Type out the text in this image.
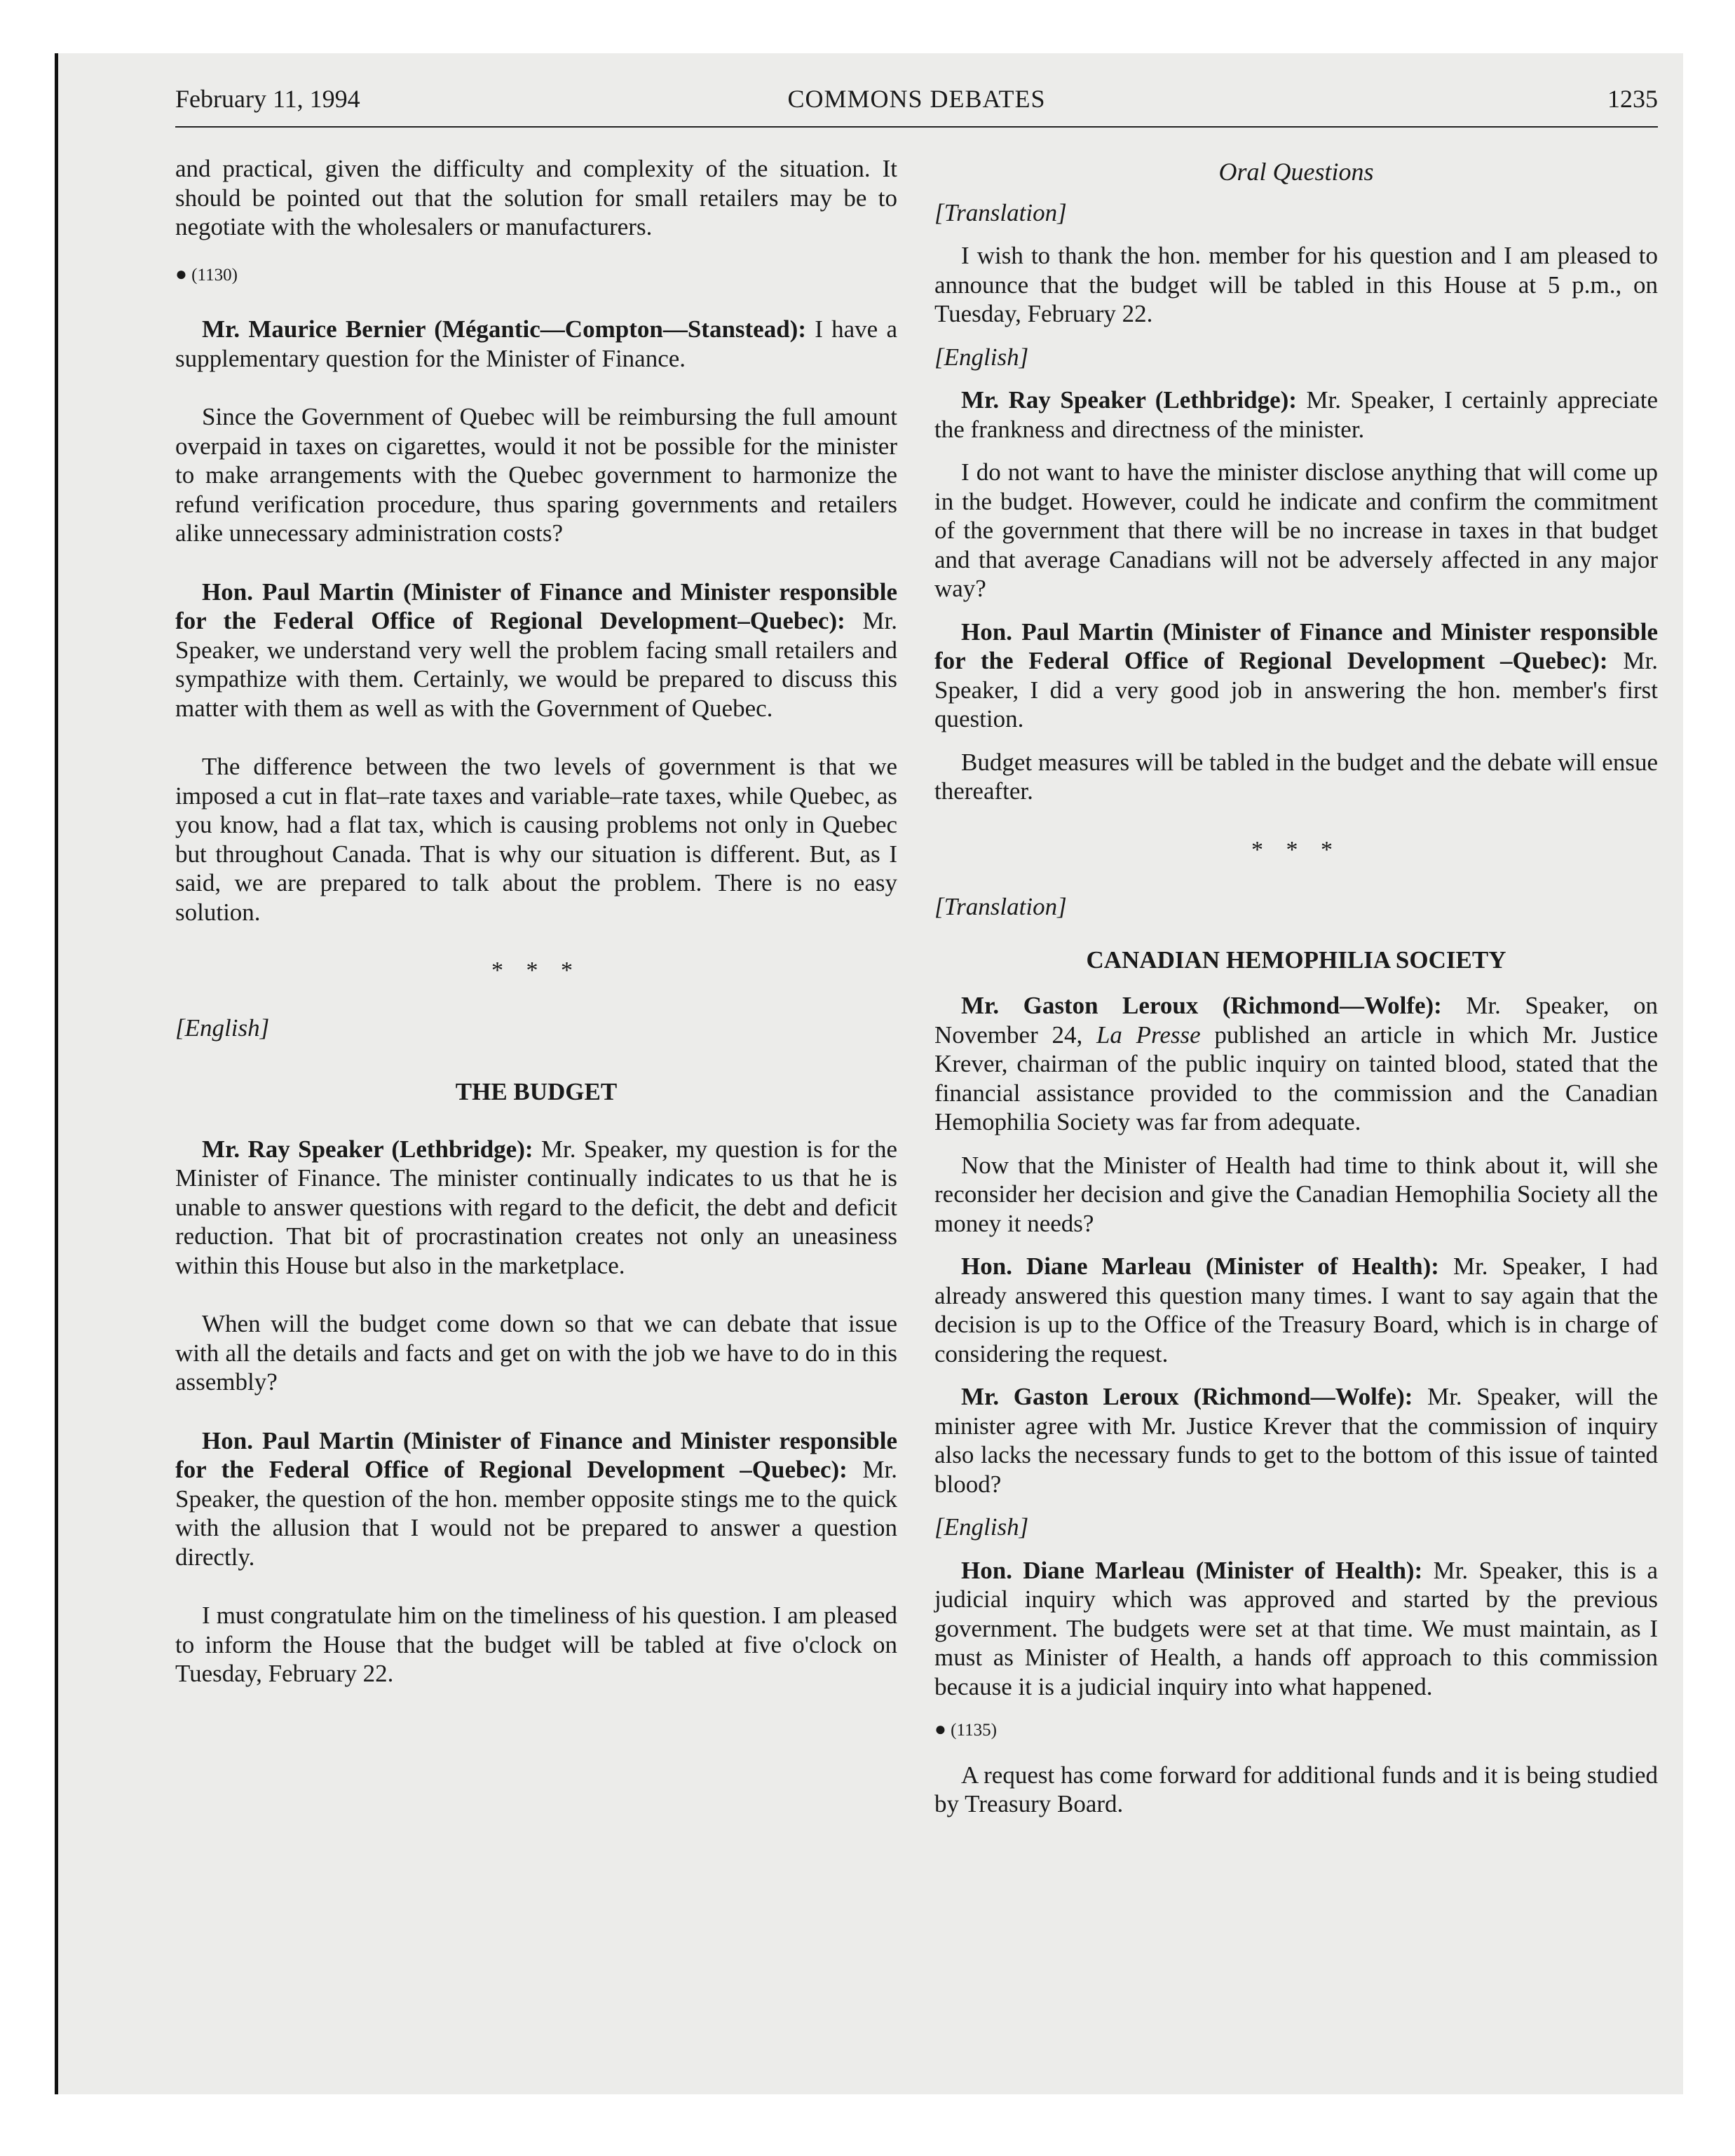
February 11, 1994	COMMONS DEBATES	1235

and practical, given the difficulty and complexity of the situation. It should be pointed out that the solution for small retailers may be to negotiate with the wholesalers or manufacturers.

● (1130)

Mr. Maurice Bernier (Mégantic—Compton—Stanstead): I have a supplementary question for the Minister of Finance.

Since the Government of Quebec will be reimbursing the full amount overpaid in taxes on cigarettes, would it not be possible for the minister to make arrangements with the Quebec government to harmonize the refund verification procedure, thus sparing governments and retailers alike unnecessary administration costs?

Hon. Paul Martin (Minister of Finance and Minister responsible for the Federal Office of Regional Development–Quebec): Mr. Speaker, we understand very well the problem facing small retailers and sympathize with them. Certainly, we would be prepared to discuss this matter with them as well as with the Government of Quebec.

The difference between the two levels of government is that we imposed a cut in flat–rate taxes and variable–rate taxes, while Quebec, as you know, had a flat tax, which is causing problems not only in Quebec but throughout Canada. That is why our situation is different. But, as I said, we are prepared to talk about the problem. There is no easy solution.

* * *

[English]

THE BUDGET

Mr. Ray Speaker (Lethbridge): Mr. Speaker, my question is for the Minister of Finance. The minister continually indicates to us that he is unable to answer questions with regard to the deficit, the debt and deficit reduction. That bit of procrastination creates not only an uneasiness within this House but also in the marketplace.

When will the budget come down so that we can debate that issue with all the details and facts and get on with the job we have to do in this assembly?

Hon. Paul Martin (Minister of Finance and Minister responsible for the Federal Office of Regional Development –Quebec): Mr. Speaker, the question of the hon. member opposite stings me to the quick with the allusion that I would not be prepared to answer a question directly.

I must congratulate him on the timeliness of his question. I am pleased to inform the House that the budget will be tabled at five o'clock on Tuesday, February 22.

Oral Questions

[Translation]

I wish to thank the hon. member for his question and I am pleased to announce that the budget will be tabled in this House at 5 p.m., on Tuesday, February 22.

[English]

Mr. Ray Speaker (Lethbridge): Mr. Speaker, I certainly appreciate the frankness and directness of the minister.

I do not want to have the minister disclose anything that will come up in the budget. However, could he indicate and confirm the commitment of the government that there will be no increase in taxes in that budget and that average Canadians will not be adversely affected in any major way?

Hon. Paul Martin (Minister of Finance and Minister responsible for the Federal Office of Regional Development –Quebec): Mr. Speaker, I did a very good job in answering the hon. member's first question.

Budget measures will be tabled in the budget and the debate will ensue thereafter.

* * *

[Translation]

CANADIAN HEMOPHILIA SOCIETY

Mr. Gaston Leroux (Richmond—Wolfe): Mr. Speaker, on November 24, La Presse published an article in which Mr. Justice Krever, chairman of the public inquiry on tainted blood, stated that the financial assistance provided to the commission and the Canadian Hemophilia Society was far from adequate.

Now that the Minister of Health had time to think about it, will she reconsider her decision and give the Canadian Hemophilia Society all the money it needs?

Hon. Diane Marleau (Minister of Health): Mr. Speaker, I had already answered this question many times. I want to say again that the decision is up to the Office of the Treasury Board, which is in charge of considering the request.

Mr. Gaston Leroux (Richmond—Wolfe): Mr. Speaker, will the minister agree with Mr. Justice Krever that the commission of inquiry also lacks the necessary funds to get to the bottom of this issue of tainted blood?

[English]

Hon. Diane Marleau (Minister of Health): Mr. Speaker, this is a judicial inquiry which was approved and started by the previous government. The budgets were set at that time. We must maintain, as I must as Minister of Health, a hands off approach to this commission because it is a judicial inquiry into what happened.

● (1135)

A request has come forward for additional funds and it is being studied by Treasury Board.
